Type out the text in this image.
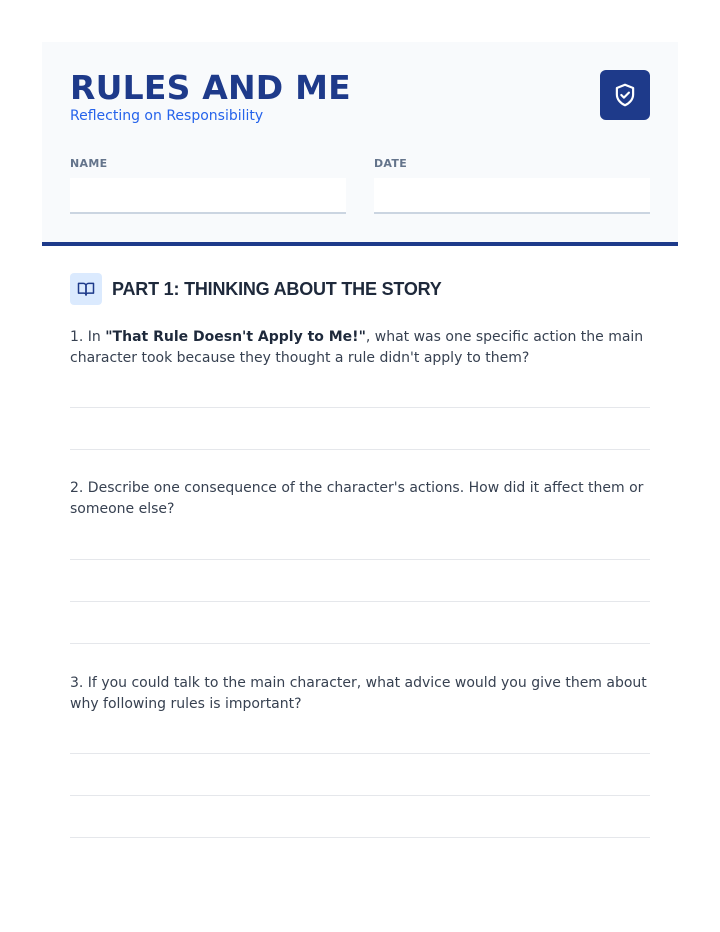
RULES AND ME
Reflecting on Responsibility
NAME	DATE
PART 1: THINKING ABOUT THE STORY

1. In "That Rule Doesn't Apply to Me!", what was one specific action the main character took because they thought a rule didn't apply to them?

2. Describe one consequence of the character's actions. How did it affect them or someone else?

3. If you could talk to the main character, what advice would you give them about why following rules is important?
